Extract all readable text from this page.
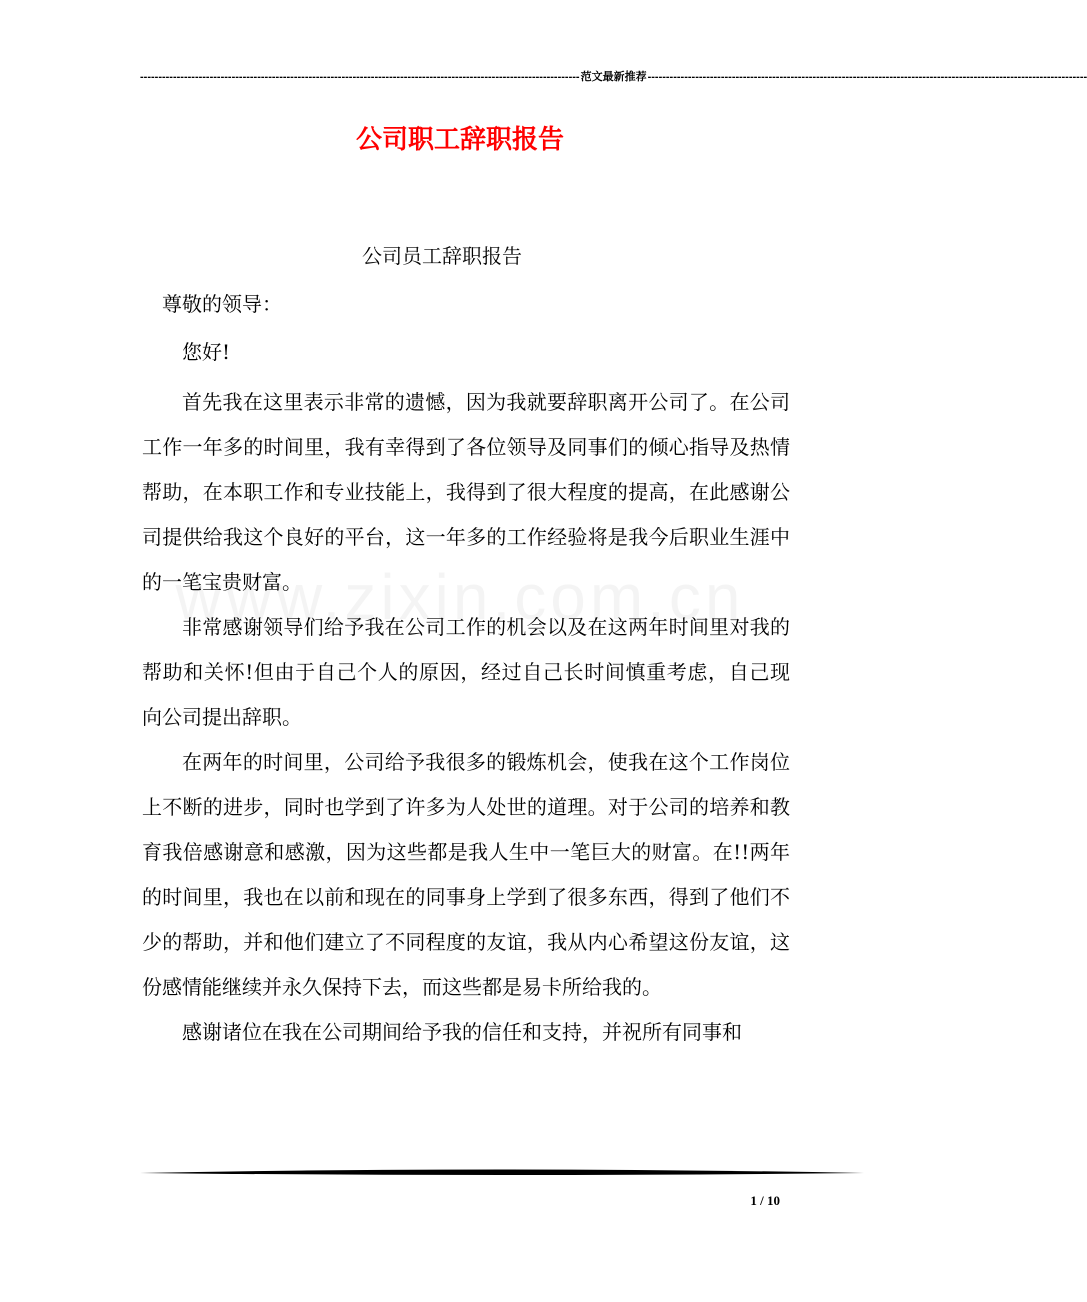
------------------------------------------------------------------------------------------------------------------------ 范文最新推荐 ------------------------------------------------------------------------------------------------------------------------
公司职工辞职报告
公司员工辞职报告
尊敬的领导：
您好!

首先我在这里表示非常的遗憾，因为我就要辞职离开公司了。在公司工作一年多的时间里，我有幸得到了各位领导及同事们的倾心指导及热情帮助，在本职工作和专业技能上，我得到了很大程度的提高，在此感谢公司提供给我这个良好的平台，这一年多的工作经验将是我今后职业生涯中的一笔宝贵财富。

非常感谢领导们给予我在公司工作的机会以及在这两年时间里对我的帮助和关怀!但由于自己个人的原因，经过自己长时间慎重考虑，自己现向公司提出辞职。

在两年的时间里，公司给予我很多的锻炼机会，使我在这个工作岗位上不断的进步，同时也学到了许多为人处世的道理。对于公司的培养和教育我倍感谢意和感激，因为这些都是我人生中一笔巨大的财富。在!!两年的时间里，我也在以前和现在的同事身上学到了很多东西，得到了他们不少的帮助，并和他们建立了不同程度的友谊，我从内心希望这份友谊，这份感情能继续并永久保持下去，而这些都是易卡所给我的。

感谢诸位在我在公司期间给予我的信任和支持，并祝所有同事和

1 / 10
